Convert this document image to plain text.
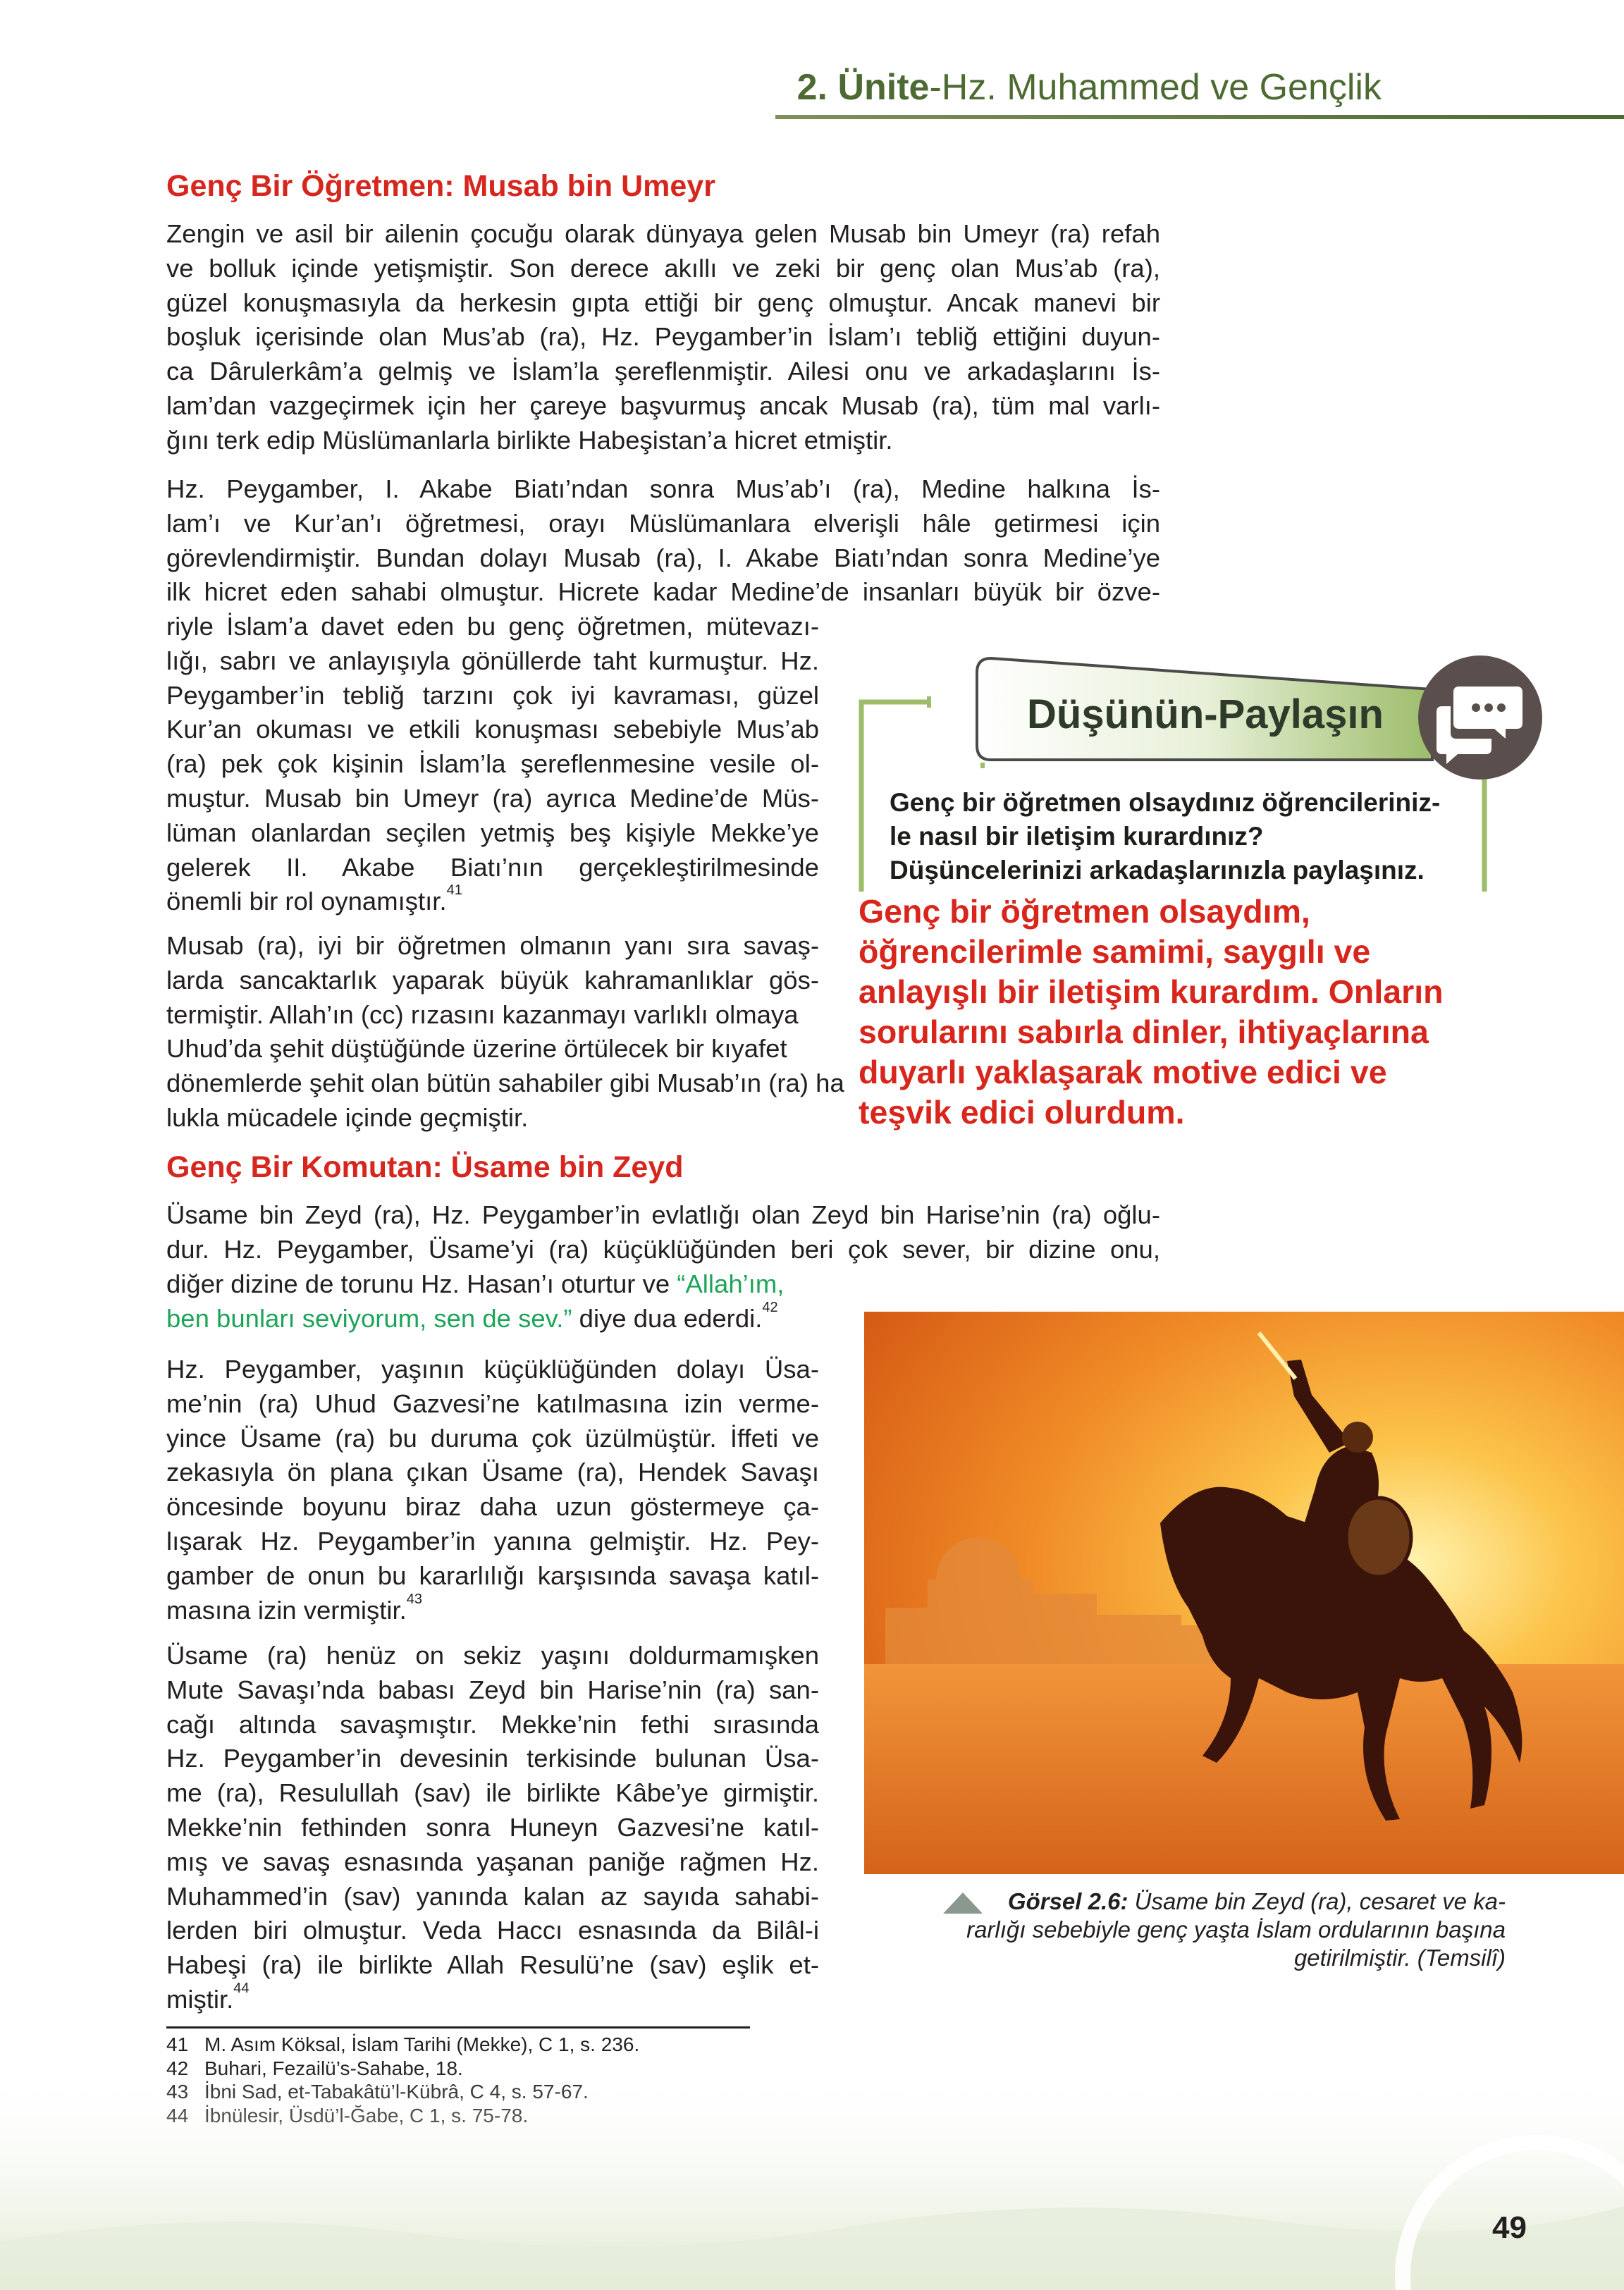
2. Ünite-Hz. Muhammed ve Gençlik
Genç Bir Öğretmen: Musab bin Umeyr
Zengin ve asil bir ailenin çocuğu olarak dünyaya gelen Musab bin Umeyr (ra) refah
ve bolluk içinde yetişmiştir. Son derece akıllı ve zeki bir genç olan Mus’ab (ra),
güzel konuşmasıyla da herkesin gıpta ettiği bir genç olmuştur. Ancak manevi bir
boşluk içerisinde olan Mus’ab (ra), Hz. Peygamber’in İslam’ı tebliğ ettiğini duyun-
ca Dârulerkâm’a gelmiş ve İslam’la şereflenmiştir. Ailesi onu ve arkadaşlarını İs-
lam’dan vazgeçirmek için her çareye başvurmuş ancak Musab (ra), tüm mal varlı-
ğını terk edip Müslümanlarla birlikte Habeşistan’a hicret etmiştir.
Hz. Peygamber, I. Akabe Biatı’ndan sonra Mus’ab’ı (ra), Medine halkına İs-
lam’ı ve Kur’an’ı öğretmesi, orayı Müslümanlara elverişli hâle getirmesi için
görevlendirmiştir. Bundan dolayı Musab (ra), I. Akabe Biatı’ndan sonra Medine’ye
ilk hicret eden sahabi olmuştur. Hicrete kadar Medine’de insanları büyük bir özve-
riyle İslam’a davet eden bu genç öğretmen, mütevazı-
lığı, sabrı ve anlayışıyla gönüllerde taht kurmuştur. Hz.
Peygamber’in tebliğ tarzını çok iyi kavraması, güzel
Kur’an okuması ve etkili konuşması sebebiyle Mus’ab
(ra) pek çok kişinin İslam’la şereflenmesine vesile ol-
muştur. Musab bin Umeyr (ra) ayrıca Medine’de Müs-
lüman olanlardan seçilen yetmiş beş kişiyle Mekke’ye
gelerek II. Akabe Biatı’nın gerçekleştirilmesinde
önemli bir rol oynamıştır.$^{41}$
Musab (ra), iyi bir öğretmen olmanın yanı sıra savaş-
larda sancaktarlık yaparak büyük kahramanlıklar gös-
termiştir. Allah’ın (cc) rızasını kazanmayı varlıklı olmaya
Uhud’da şehit düştüğünde üzerine örtülecek bir kıyafet
dönemlerde şehit olan bütün sahabiler gibi Musab’ın (ra) ha
lukla mücadele içinde geçmiştir.
Düşünün-Paylaşın
Genç bir öğretmen olsaydınız öğrencileriniz-
le nasıl bir iletişim kurardınız?
Düşüncelerinizi arkadaşlarınızla paylaşınız.
Genç bir öğretmen olsaydım,
öğrencilerimle samimi, saygılı ve
anlayışlı bir iletişim kurardım. Onların
sorularını sabırla dinler, ihtiyaçlarına
duyarlı yaklaşarak motive edici ve
teşvik edici olurdum.
Genç Bir Komutan: Üsame bin Zeyd
Üsame bin Zeyd (ra), Hz. Peygamber’in evlatlığı olan Zeyd bin Harise’nin (ra) oğlu-
dur. Hz. Peygamber, Üsame’yi (ra) küçüklüğünden beri çok sever, bir dizine onu,
diğer dizine de torunu Hz. Hasan’ı oturtur ve “Allah’ım,
ben bunları seviyorum, sen de sev.” diye dua ederdi.$^{42}$
Hz. Peygamber, yaşının küçüklüğünden dolayı Üsa-
me’nin (ra) Uhud Gazvesi’ne katılmasına izin verme-
yince Üsame (ra) bu duruma çok üzülmüştür. İffeti ve
zekasıyla ön plana çıkan Üsame (ra), Hendek Savaşı
öncesinde boyunu biraz daha uzun göstermeye ça-
lışarak Hz. Peygamber’in yanına gelmiştir. Hz. Pey-
gamber de onun bu kararlılığı karşısında savaşa katıl-
masına izin vermiştir.$^{43}$
Üsame (ra) henüz on sekiz yaşını doldurmamışken
Mute Savaşı’nda babası Zeyd bin Harise’nin (ra) san-
cağı altında savaşmıştır. Mekke’nin fethi sırasında
Hz. Peygamber’in devesinin terkisinde bulunan Üsa-
me (ra), Resulullah (sav) ile birlikte Kâbe’ye girmiştir.
Mekke’nin fethinden sonra Huneyn Gazvesi’ne katıl-
mış ve savaş esnasında yaşanan paniğe rağmen Hz.
Muhammed’in (sav) yanında kalan az sayıda sahabi-
lerden biri olmuştur. Veda Haccı esnasında da Bilâl-i
Habeşi (ra) ile birlikte Allah Resulü’ne (sav) eşlik et-
miştir.$^{44}$
Görsel 2.6: Üsame bin Zeyd (ra), cesaret ve ka-
rarlığı sebebiyle genç yaşta İslam ordularının başına
getirilmiştir. (Temsilî)
41 M. Asım Köksal, İslam Tarihi (Mekke), C 1, s. 236.
49
